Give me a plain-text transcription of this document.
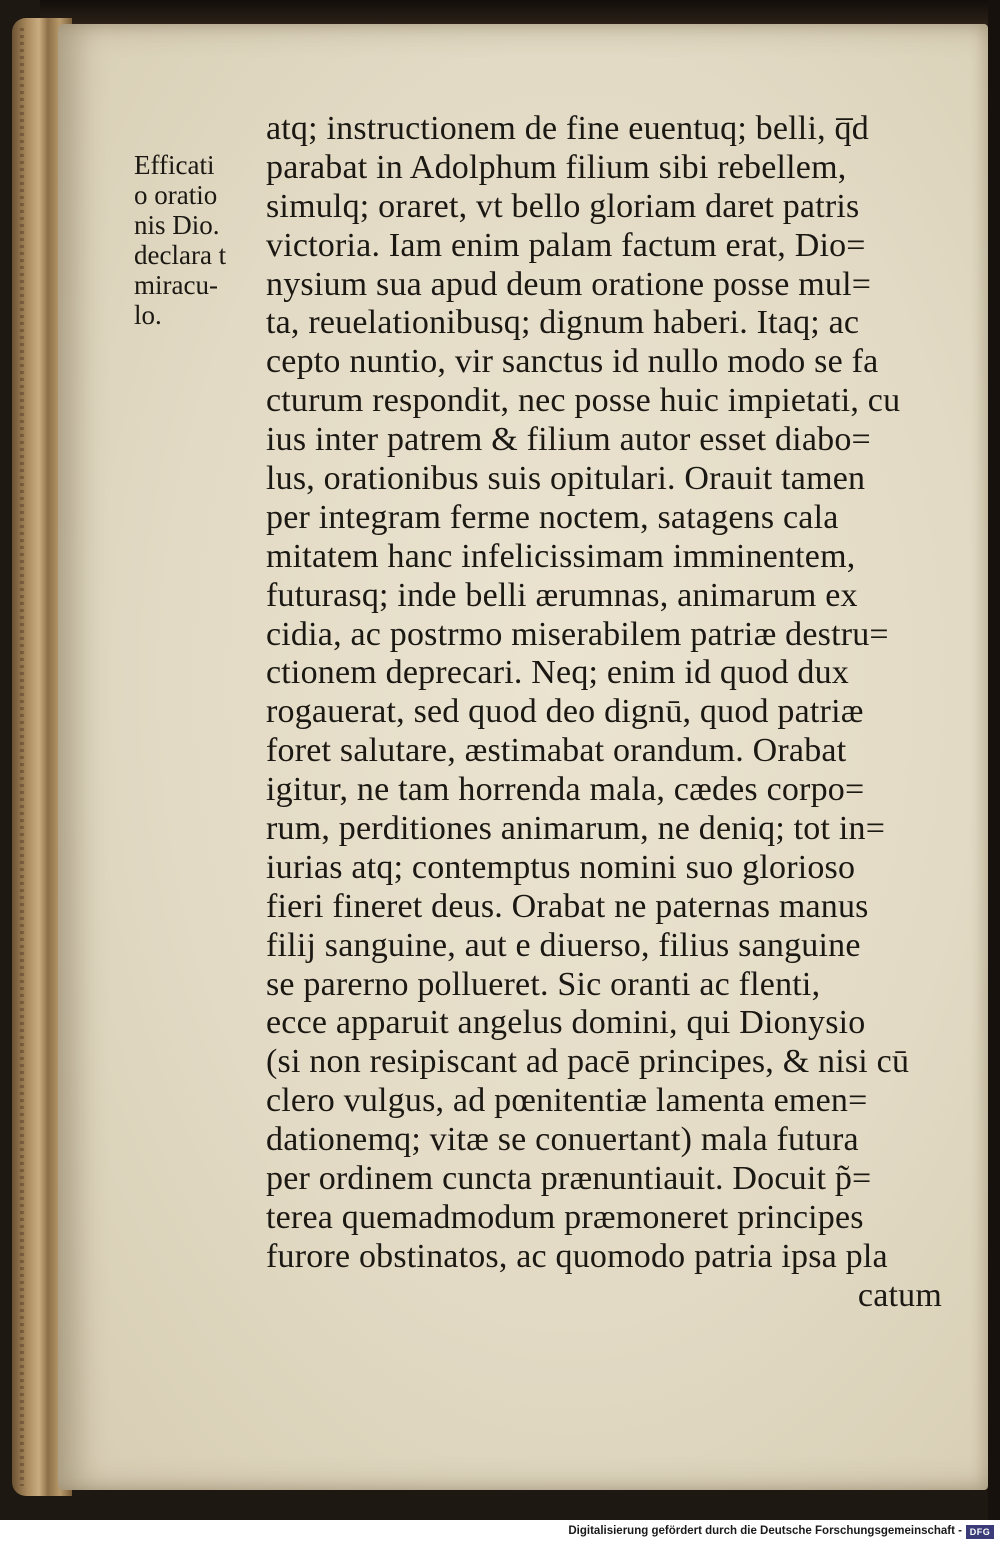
Efficati
o oratio
nis Dio.
declara t
miracu-
lo.
atq; instructionem de fine euentuq; belli, q̅d
parabat in Adolphum filium sibi rebellem,
simulq; oraret, vt bello gloriam daret patris
victoria. Iam enim palam factum erat, Dio=
nysium sua apud deum oratione posse mul=
ta, reuelationibusq; dignum haberi. Itaq; ac
cepto nuntio, vir sanctus id nullo modo se fa
cturum respondit, nec posse huic impietati, cu
ius inter patrem & filium autor esset diabo=
lus, orationibus suis opitulari. Orauit tamen
per integram ferme noctem, satagens cala
mitatem hanc infelicissimam imminentem,
futurasq; inde belli ærumnas, animarum ex
cidia, ac postrmo miserabilem patriæ destru=
ctionem deprecari. Neq; enim id quod dux
rogauerat, sed quod deo dignū, quod patriæ
foret salutare, æstimabat orandum. Orabat
igitur, ne tam horrenda mala, cædes corpo=
rum, perditiones animarum, ne deniq; tot in=
iurias atq; contemptus nomini suo glorioso
fieri fineret deus. Orabat ne paternas manus
filij sanguine, aut e diuerso, filius sanguine
se parerno pollueret. Sic oranti ac flenti,
ecce apparuit angelus domini, qui Dionysio
(si non resipiscant ad pacē principes, & nisi cū
clero vulgus, ad pœnitentiæ lamenta emen=
dationemq; vitæ se conuertant) mala futura
per ordinem cuncta prænuntiauit. Docuit p̃=
terea quemadmodum præmoneret principes
furore obstinatos, ac quomodo patria ipsa pla
catum
Digitalisierung gefördert durch die Deutsche Forschungsgemeinschaft - DFG
